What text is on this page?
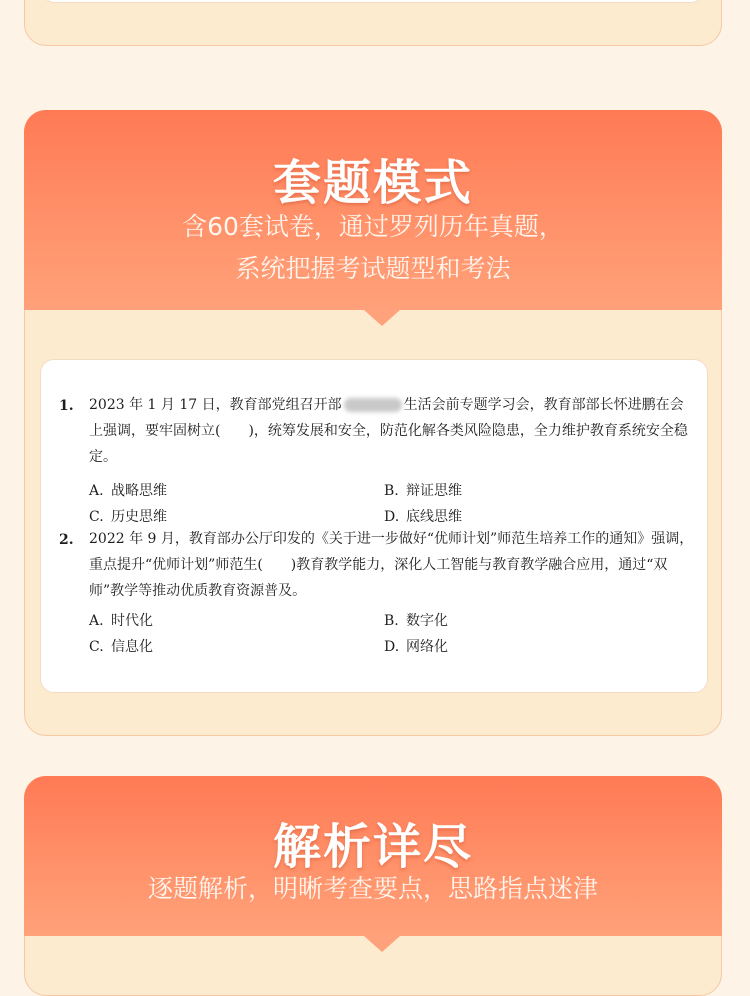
套题模式
含60套试卷，通过罗列历年真题，
系统把握考试题型和考法
1. 2023 年 1 月 17 日，教育部党组召开部	生活会前专题学习会，教育部部长怀进鹏在会上强调，要牢固树立(　　)，统筹发展和安全，防范化解各类风险隐患，全力维护教育系统安全稳定。
A. 战略思维	B. 辩证思维
C. 历史思维	D. 底线思维
2. 2022 年 9 月，教育部办公厅印发的《关于进一步做好“优师计划”师范生培养工作的通知》强调，重点提升“优师计划”师范生(　　)教育教学能力，深化人工智能与教育教学融合应用，通过“双师”教学等推动优质教育资源普及。
A. 时代化	B. 数字化
C. 信息化	D. 网络化
解析详尽
逐题解析，明晰考查要点，思路指点迷津
